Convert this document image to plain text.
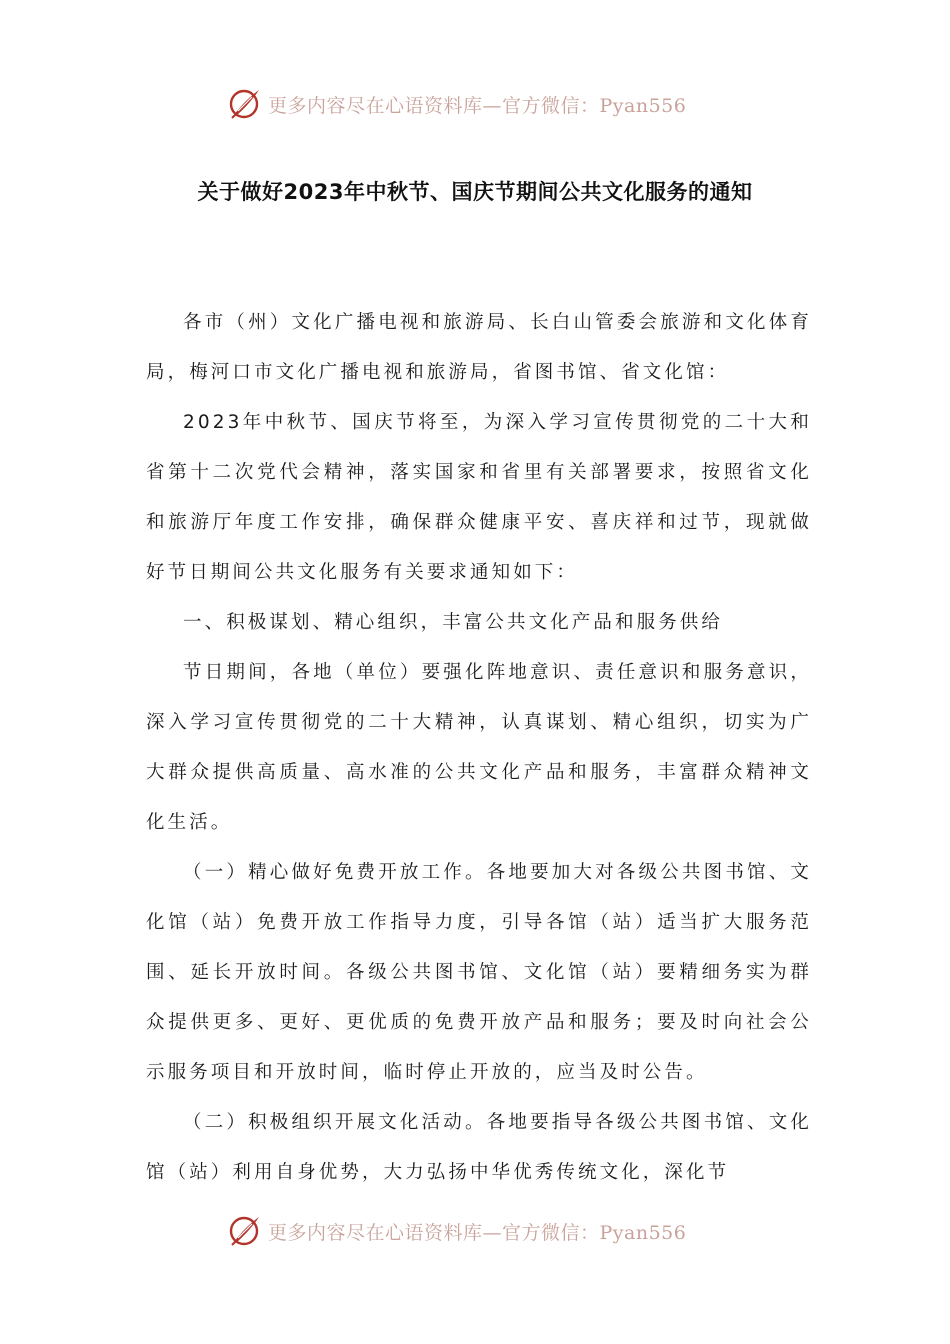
更多内容尽在心语资料库—官方微信：Pyan556
关于做好2023年中秋节、国庆节期间公共文化服务的通知

各市（州）文化广播电视和旅游局、长白山管委会旅游和文化体育局，梅河口市文化广播电视和旅游局，省图书馆、省文化馆：

2023年中秋节、国庆节将至，为深入学习宣传贯彻党的二十大和省第十二次党代会精神，落实国家和省里有关部署要求，按照省文化和旅游厅年度工作安排，确保群众健康平安、喜庆祥和过节，现就做好节日期间公共文化服务有关要求通知如下：

一、积极谋划、精心组织，丰富公共文化产品和服务供给

节日期间，各地（单位）要强化阵地意识、责任意识和服务意识，深入学习宣传贯彻党的二十大精神，认真谋划、精心组织，切实为广大群众提供高质量、高水准的公共文化产品和服务，丰富群众精神文化生活。

（一）精心做好免费开放工作。各地要加大对各级公共图书馆、文化馆（站）免费开放工作指导力度，引导各馆（站）适当扩大服务范围、延长开放时间。各级公共图书馆、文化馆（站）要精细务实为群众提供更多、更好、更优质的免费开放产品和服务；要及时向社会公示服务项目和开放时间，临时停止开放的，应当及时公告。

（二）积极组织开展文化活动。各地要指导各级公共图书馆、文化馆（站）利用自身优势，大力弘扬中华优秀传统文化，深化节

更多内容尽在心语资料库—官方微信：Pyan556
